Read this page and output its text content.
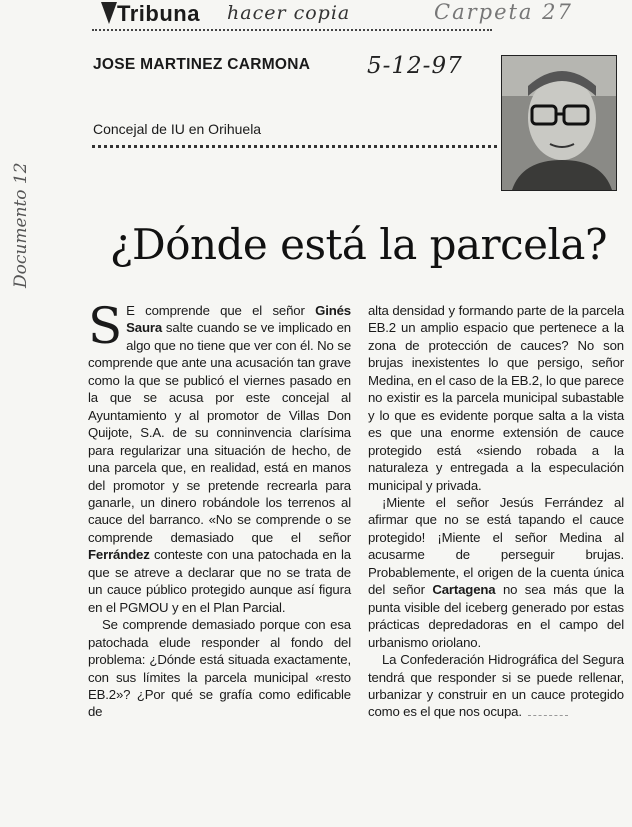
Tribuna hacer copia	Carpeta 27
JOSE MARTINEZ CARMONA 5-12-97
Concejal de IU en Orihuela
Documento 12 ¿Dónde está la parcela?

S E comprende que el señor Ginés Saura salte cuando se ve implicado en algo que no tiene que ver con él. No se comprende que ante una acusación tan grave como la que se publicó el viernes pasado en la que se acusa por este concejal al Ayuntamiento y al promotor de Villas Don Quijote, S.A. de su conninvencia clarísima para regularizar una situación de hecho, de una parcela que, en realidad, está en manos del promotor y se pretende recrearla para ganarle, un dinero robándole los terrenos al cauce del barranco. «No se comprende o se comprende demasiado que el señor Ferrández conteste con una patochada en la que se atreve a declarar que no se trata de un cauce público protegido aunque así figura en el PGMOU y en el Plan Parcial.

Se comprende demasiado porque con esa patochada elude responder al fondo del problema: ¿Dónde está situada exactamente, con sus límites la parcela municipal «resto EB.2»? ¿Por qué se grafía como edificable de

alta densidad y formando parte de la parcela EB.2 un amplio espacio que pertenece a la zona de protección de cauces? No son brujas inexistentes lo que persigo, señor Medina, en el caso de la EB.2, lo que parece no existir es la parcela municipal subastable y lo que es evidente porque salta a la vista es que una enorme extensión de cauce protegido está «siendo robada a la naturaleza y entregada a la especulación municipal y privada.

¡Miente el señor Jesús Ferrández al afirmar que no se está tapando el cauce protegido! ¡Miente el señor Medina al acusarme de perseguir brujas. Probablemente, el origen de la cuenta única del señor Cartagena no sea más que la punta visible del iceberg generado por estas prácticas depredadoras en el campo del urbanismo oriolano.

La Confederación Hidrográfica del Segura tendrá que responder si se puede rellenar, urbanizar y construir en un cauce protegido como es el que nos ocupa.
